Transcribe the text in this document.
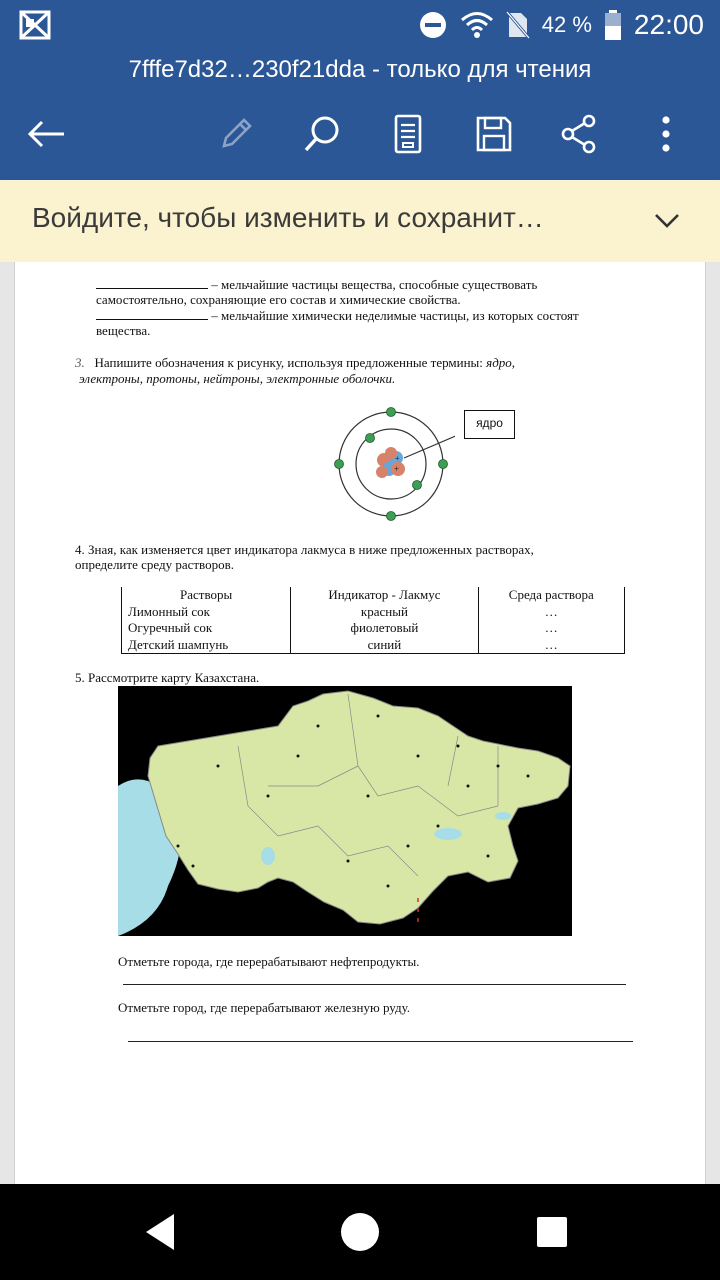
42 % 22:00
7fffe7d32…230f21dda - только для чтения
Войдите, чтобы изменить и сохранит…
– мельчайшие частицы вещества, способные существовать
самостоятельно, сохраняющие его состав и химические свойства.
– мельчайшие химически неделимые частицы, из которых состоят
вещества.
3. Напишите обозначения к рисунку, используя предложенные термины: ядро,
электроны, протоны, нейтроны, электронные оболочки.
+
+
ядро
4. Зная, как изменяется цвет индикатора лакмуса в ниже предложенных растворах,
определите среду растворов.
Растворы	Индикатор - Лакмус	Среда раствора
Лимонный сок	красный	…
Огуречный сок	фиолетовый	…
Детский шампунь	синий	…
5. Рассмотрите карту Казахстана.
Отметьте города, где перерабатывают нефтепродукты.
Отметьте город, где перерабатывают железную руду.
